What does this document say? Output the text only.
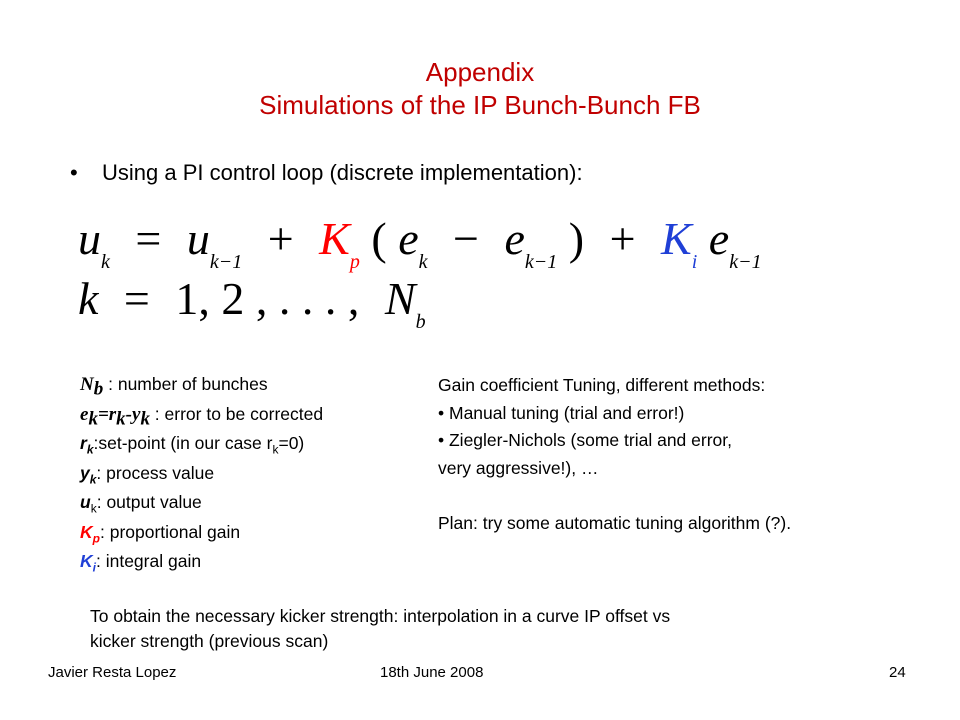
Appendix
Simulations of the IP Bunch-Bunch FB
• Using a PI control loop (discrete implementation):
$u_k = u_{k-1} + K_p$ ( $e_k - e_{k-1}$ ) + $K_i$ $e_{k-1}$
k = 1, 2 , . . . , $N_b$
$N_b$ : number of bunches
$e_k=r_k-y_k$ : error to be corrected
$r_k:set$-point (in our case $r_k=0$)
$y_k$: process value
$u_k$: output value
$K_p$: proportional gain
$K_i$: integral gain
Gain coefficient Tuning, different methods:
• Manual tuning (trial and error!)
• Ziegler-Nichols (some trial and error,
very aggressive!), …
Plan: try some automatic tuning algorithm (?).
To obtain the necessary kicker strength: interpolation in a curve IP offset vs
kicker strength (previous scan)
Javier Resta Lopez	18th June 2008	24
